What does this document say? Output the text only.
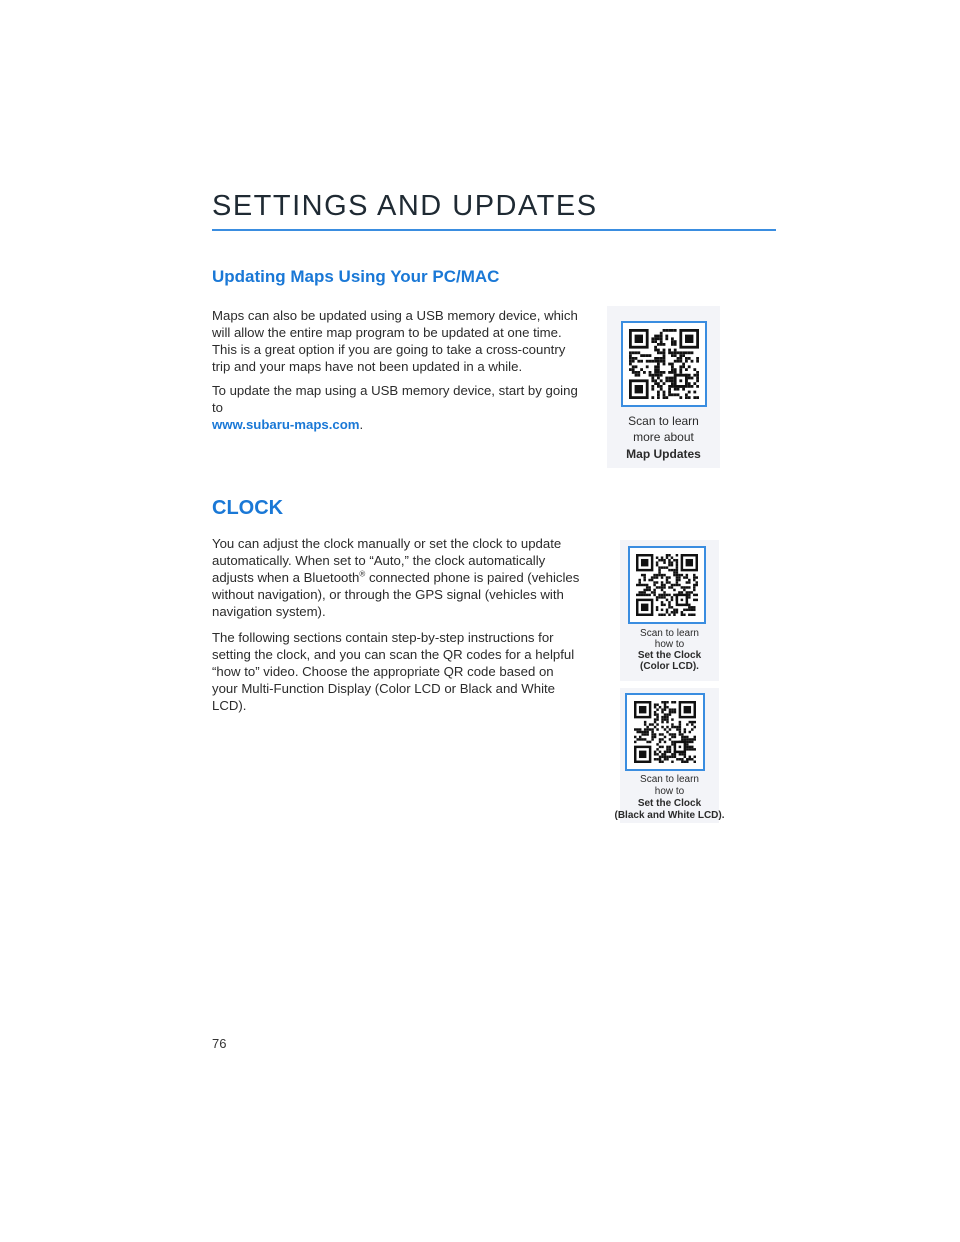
SETTINGS AND UPDATES
Updating Maps Using Your PC/MAC

Maps can also be updated using a USB memory device, which will allow the entire map program to be updated at one time. This is a great option if you are going to take a cross-country trip and your maps have not been updated in a while.

To update the map using a USB memory device, start by going to
www.subaru-maps.com.	Scan to learn
more about
Map Updates
CLOCK

You can adjust the clock manually or set the clock to update automatically. When set to “Auto,” the clock automatically adjusts when a Bluetooth® connected phone is paired (vehicles without navigation), or through the GPS signal (vehicles with navigation system).

The following sections contain step-by-step instructions for setting the clock, and you can scan the QR codes for a helpful “how to” video. Choose the appropriate QR code based on your Multi-Function Display (Color LCD or Black and White LCD).

Scan to learn
how to
Set the Clock
(Color LCD).
Scan to learn
how to
Set the Clock
(Black and White LCD).

76
